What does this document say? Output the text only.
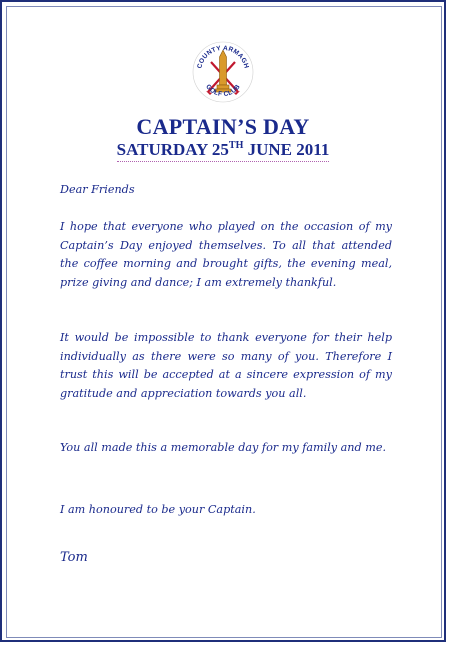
COUNTY ARMAGH
GOLF CLUB
CAPTAIN’S DAY
SATURDAY 25TH JUNE 2011

Dear Friends

I hope that everyone who played on the occasion of my Captain’s Day enjoyed themselves. To all that attended the coffee morning and brought gifts, the evening meal, prize giving and dance; I am extremely thankful.

It would be impossible to thank everyone for their help individually as there were so many of you. Therefore I trust this will be accepted at a sincere expression of my gratitude and appreciation towards you all.

You all made this a memorable day for my family and me.

I am honoured to be your Captain.

Tom
